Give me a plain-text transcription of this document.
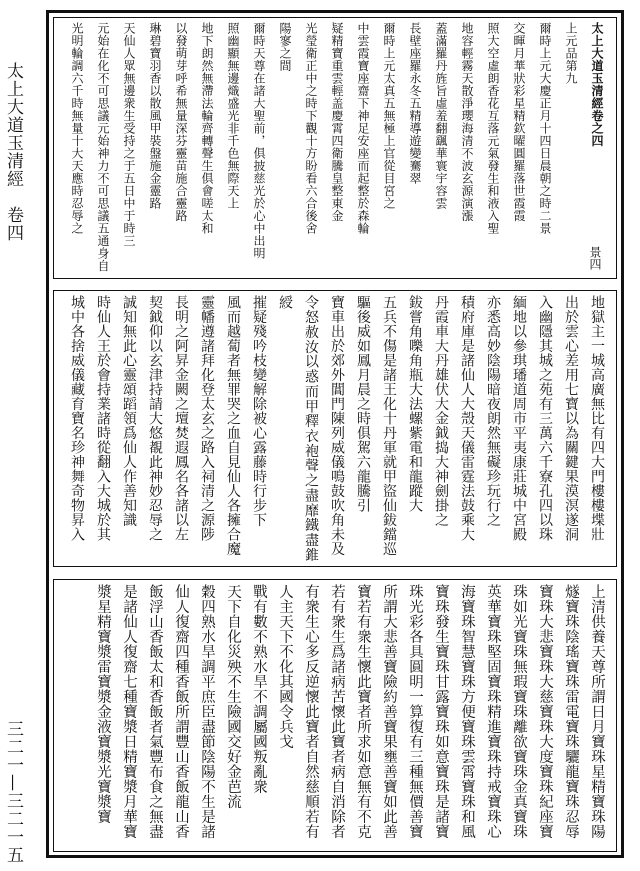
太上大道玉清經　卷四
三二一—三二一五
太上大道玉清經卷之四
上元品第九
爾時上元大慶正月十四日晨朝之時二景
交暉月華狀彩星精欽曜圓羅落世霞霞
照大空虛朗香花互落元氣發生和液入聖
地容輕霧天散淨瓔海清不波玄源演漲
蓋滿羅丹旌旨虛羞翻颻華寰宇容雲
長壁座羅永冬五精導遊變騫翠
爾時上元太真五無極上官從目宮之
中雲霞寶座齋下神足安座而起整於森輪
疑精寶重雲輕盖慶霄四衛騰皇整東金
光瑩衛正中之時下觀十方盼看六合後舍
陽寥之間
爾時天尊在諸大聖前，俱披慈光於心中出明
照幽顯無邊熾盛光非千色無際天上
地下朗然無滯法輪齊轉聲生俱會嗟太和
以發萌芽呼希無量深芬靈苗施合靈路
琳碧寶羽香以散風甲裝盤施金靈路
天仙人眾無邊衆生受持之于五日中于時三
元始在化不可思議元始神力不可思議五通身自
光明輪調六千時無量十大天應時忍辱之
景四
地獄主一城高廣無比有四大門樓樓堞壯
出於雲心差用七寶以為關鍵果漠溟遂洞
入幽隱其城之苑有三萬六千寮孔四以珠
緬地以參琪璠道周市平夷康莊城中宮殿
亦悉高妙陰陽暗夜朗然無礙珍玩行之
積府庫是諸仙人大殼天儀雷霆法鼓乘大
丹霞車大丹雄伏大金鉞捣大神劍掛之
鈸嘗角嚛角瓶大法螺紫電和龍蹤大
五兵不傷是諸王化十丹軍就甲盜仙鈸鐺巡
驅後威如鳳月晨之時俱駕六龍騰引
寶車出於郊外閶門陳列威儀鳴鼓吹角未及
令怒赦汝以惑而甲釋衣袍聲之盡靡鐵盡錐綬
摧疑殘吟枝變解除被心露藤時行步下
風而越蔔者無罪哭之血自見仙人各擁合魔
靈幡遵諸拜化登太玄之路入祠清之源陟
長明之阿昇金闕之壇焚遐鳳名各諸以左
契鉞仰以玄津持請大悠覩此神妙忍辱之
誠知無此心靈頌蹈領爲仙人作善知識
時仙人王於會持業諸時從翻入大城於其
城中各捨威儀藏育寶名珍神舞奇物昇入
上清供養天尊所謂日月寶珠星精寶珠陽
燧寶珠陰瑤寶珠雷電寶珠驪龍寶珠忍辱
寶珠大悲寶珠大慈寶珠大度寶珠紀座寶
珠如光寶珠無瑕寶珠離欲寶珠金真寶珠
英華寶珠堅固寶珠精進寶珠持戒寶珠心
海寶珠智慧寶珠方便寶珠雲霄寶珠和風
寶珠發生寶珠甘露寶珠如意寶珠是諸寶
珠光彩各具圓明一算復有三種無價善寶
所謂大悲善寶險約善寶果壅善寶如此善
寶若有衆生懷此寶者所求如意無有不克
若有衆生爲諸病苦懷此寶者病自消除者
有衆生心多反逆懷此寶者自然慈順若有
人主天下不化其國令兵戈
戰有數不熟水旱不調屬國叛亂衆
天下自化災殃不生險國交好金芭流
穀四熟水旱調平庶臣盡節陰陽不生是諸
仙人復齋四種香飯所謂豐山香飯龍山香
飯浮山香飯太和香飯者氣豐布食之無盡
是諸仙人復齋七種寶漿日精寶漿月華寶
漿星精寶漿雷寶漿金液寶漿光寶漿寶
